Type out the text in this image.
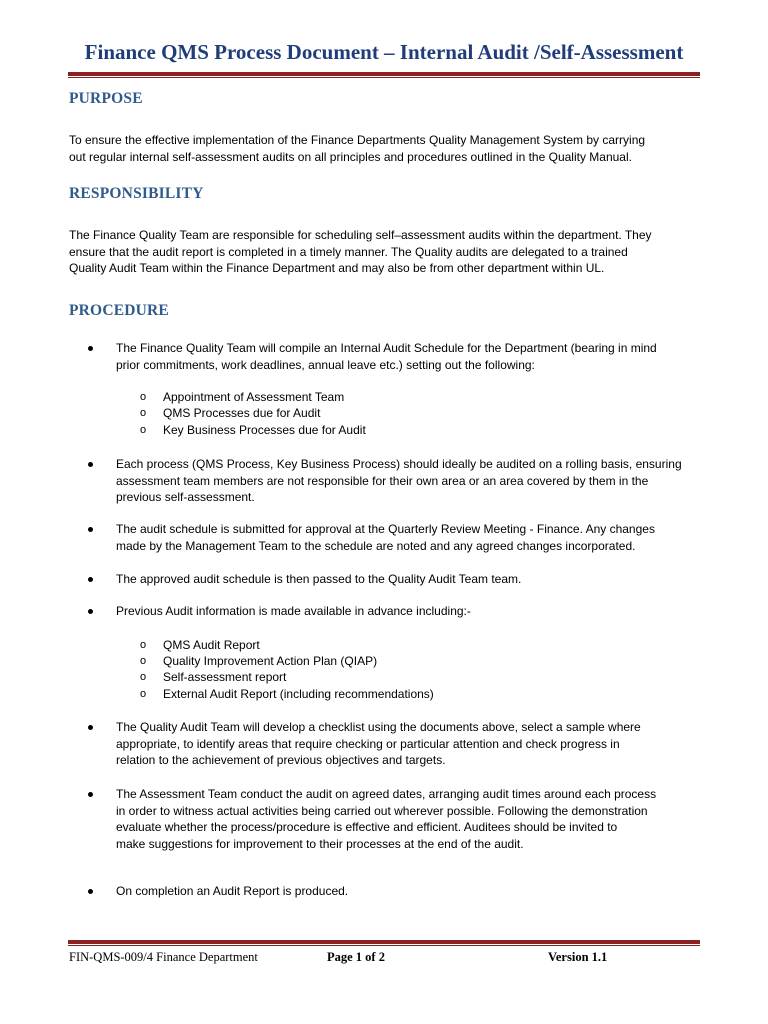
Finance QMS Process Document – Internal Audit /Self-Assessment
PURPOSE
To ensure the effective implementation of the Finance Departments Quality Management System by carrying
out regular internal self-assessment audits on all principles and procedures outlined in the Quality Manual.
RESPONSIBILITY
The Finance Quality Team are responsible for scheduling self–assessment audits within the department. They
ensure that the audit report is completed in a timely manner. The Quality audits are delegated to a trained
Quality Audit Team within the Finance Department and may also be from other department within UL.
PROCEDURE
The Finance Quality Team will compile an Internal Audit Schedule for the Department (bearing in mind
prior commitments, work deadlines, annual leave etc.) setting out the following:
o Appointment of Assessment Team
o QMS Processes due for Audit
o Key Business Processes due for Audit
Each process (QMS Process, Key Business Process) should ideally be audited on a rolling basis, ensuring
assessment team members are not responsible for their own area or an area covered by them in the
previous self-assessment.
The audit schedule is submitted for approval at the Quarterly Review Meeting - Finance. Any changes
made by the Management Team to the schedule are noted and any agreed changes incorporated.
The approved audit schedule is then passed to the Quality Audit Team team.
Previous Audit information is made available in advance including:-
o QMS Audit Report
o Quality Improvement Action Plan (QIAP)
o Self-assessment report
o External Audit Report (including recommendations)
The Quality Audit Team will develop a checklist using the documents above, select a sample where
appropriate, to identify areas that require checking or particular attention and check progress in
relation to the achievement of previous objectives and targets.
The Assessment Team conduct the audit on agreed dates, arranging audit times around each process
in order to witness actual activities being carried out wherever possible. Following the demonstration
evaluate whether the process/procedure is effective and efficient. Auditees should be invited to
make suggestions for improvement to their processes at the end of the audit.
On completion an Audit Report is produced.
FIN-QMS-009/4 Finance Department	Page 1 of 2	Version 1.1
